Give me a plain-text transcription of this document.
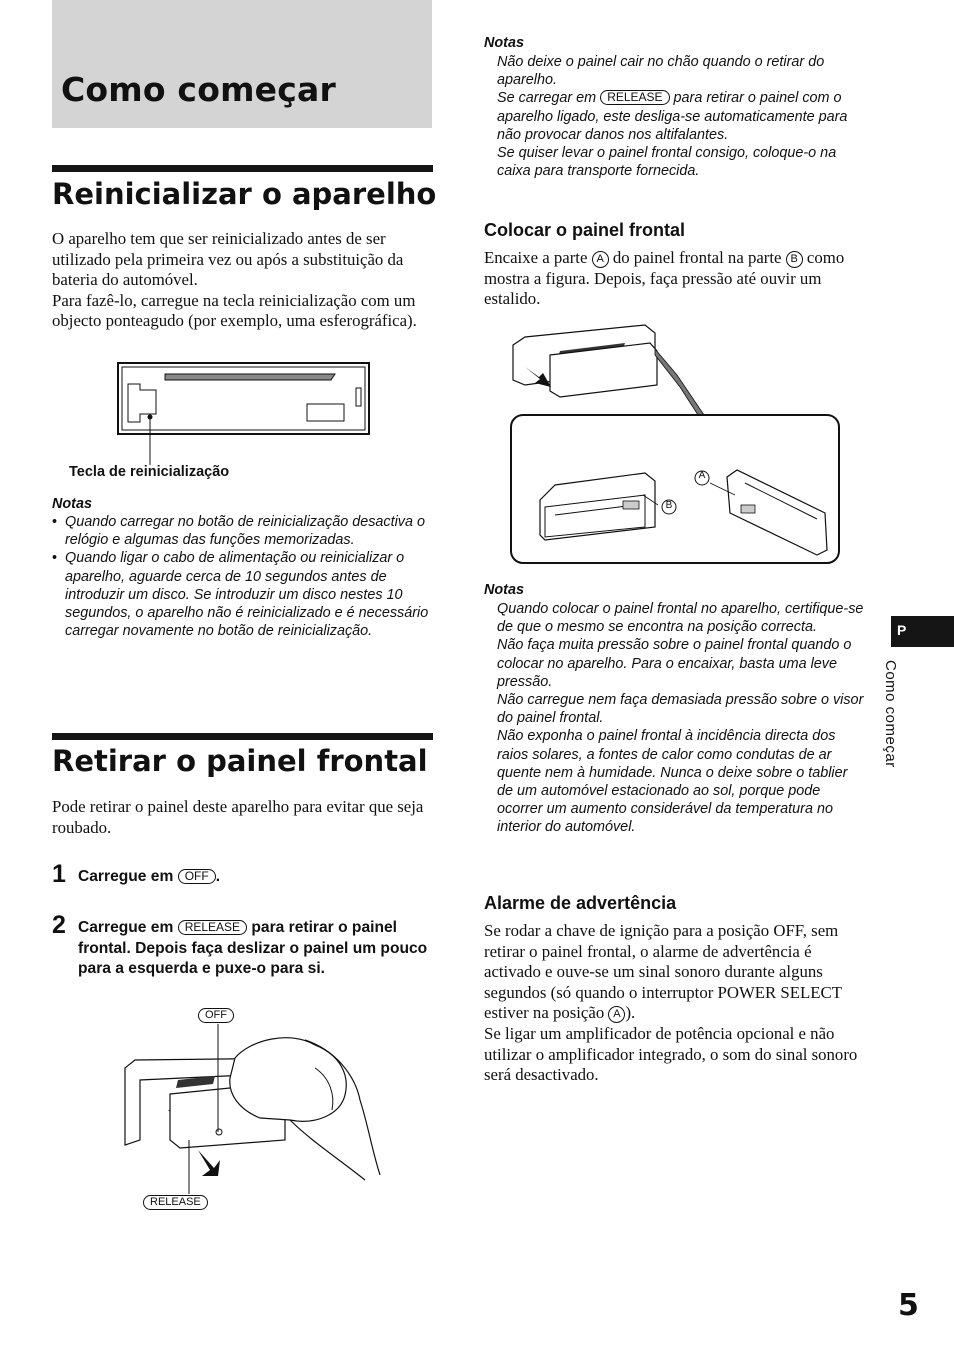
Como começar
Reinicializar o aparelho

O aparelho tem que ser reinicializado antes de ser utilizado pela primeira vez ou após a substituição da bateria do automóvel.

Para fazê-lo, carregue na tecla reinicialização com um objecto ponteagudo (por exemplo, uma esferográfica).

Tecla de reinicialização
Notas
• Quando carregar no botão de reinicialização desactiva o relógio e algumas das funções memorizadas.
• Quando ligar o cabo de alimentação ou reinicializar o aparelho, aguarde cerca de 10 segundos antes de introduzir um disco. Se introduzir um disco nestes 10 segundos, o aparelho não é reinicializado e é necessário carregar novamente no botão de reinicialização.
Retirar o painel frontal
Pode retirar o painel deste aparelho para evitar que seja roubado.
1 Carregue em OFF .
2 Carregue em RELEASE para retirar o painel frontal. Depois faça deslizar o painel um pouco para a esquerda e puxe-o para si.
OFF
RELEASE
Notas

Não deixe o painel cair no chão quando o retirar do aparelho.

Se carregar em RELEASE para retirar o painel com o aparelho ligado, este desliga-se automaticamente para não provocar danos nos altifalantes.

Se quiser levar o painel frontal consigo, coloque-o na caixa para transporte fornecida.

Colocar o painel frontal
Encaixe a parte A do painel frontal na parte B como mostra a figura. Depois, faça pressão até ouvir um estalido.
A
B
Notas

Quando colocar o painel frontal no aparelho, certifique-se de que o mesmo se encontra na posição correcta.

Não faça muita pressão sobre o painel frontal quando o colocar no aparelho. Para o encaixar, basta uma leve pressão.

Não carregue nem faça demasiada pressão sobre o visor do painel frontal.

Não exponha o painel frontal à incidência directa dos raios solares, a fontes de calor como condutas de ar quente nem à humidade. Nunca o deixe sobre o tablier de um automóvel estacionado ao sol, porque pode ocorrer um aumento considerável da temperatura no interior do automóvel.

Alarme de advertência

Se rodar a chave de ignição para a posição OFF, sem retirar o painel frontal, o alarme de advertência é activado e ouve-se um sinal sonoro durante alguns segundos (só quando o interruptor POWER SELECT estiver na posição A ).

Se ligar um amplificador de potência opcional e não utilizar o amplificador integrado, o som do sinal sonoro será desactivado.

P
Como começar
5
